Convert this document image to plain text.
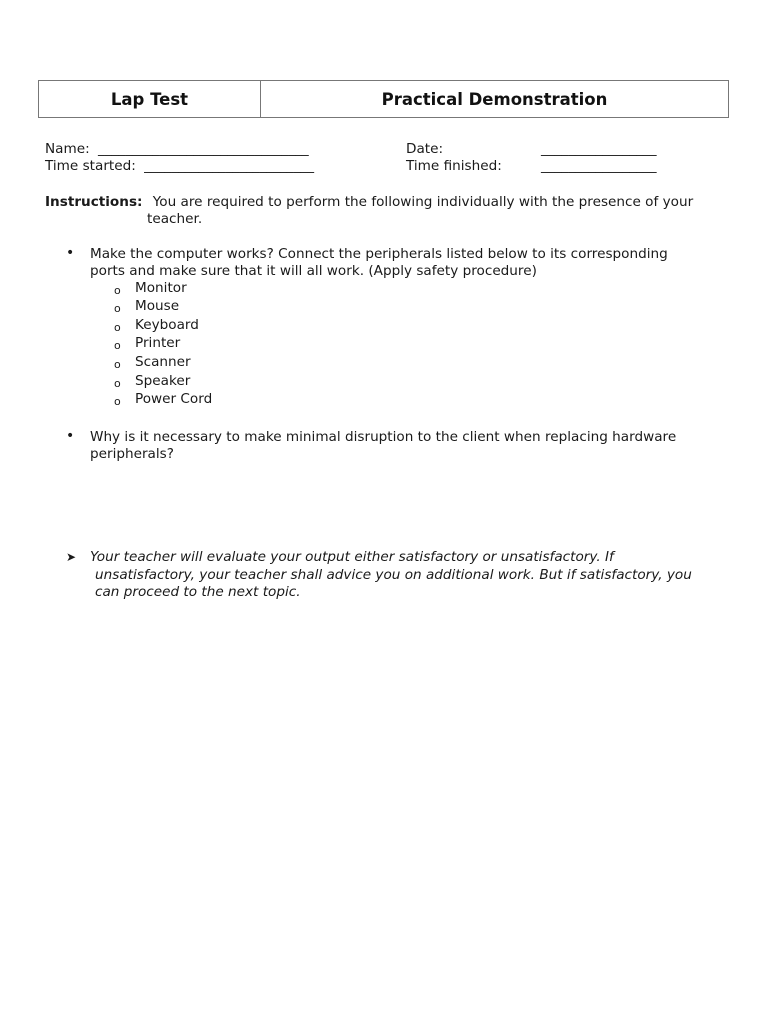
Lap Test	Practical Demonstration
Name: _______________________________	Date:	_________________
Time started: _________________________	Time finished:	_________________
Instructions: You are required to perform the following individually with the presence of your
teacher.
• Make the computer works? Connect the peripherals listed below to its corresponding
ports and make sure that it will all work. (Apply safety procedure)
o Monitor
o Mouse
o Keyboard
o Printer
o Scanner
o Speaker
o Power Cord
• Why is it necessary to make minimal disruption to the client when replacing hardware
peripherals?
➤ Your teacher will evaluate your output either satisfactory or unsatisfactory. If
unsatisfactory, your teacher shall advice you on additional work. But if satisfactory, you
can proceed to the next topic.
